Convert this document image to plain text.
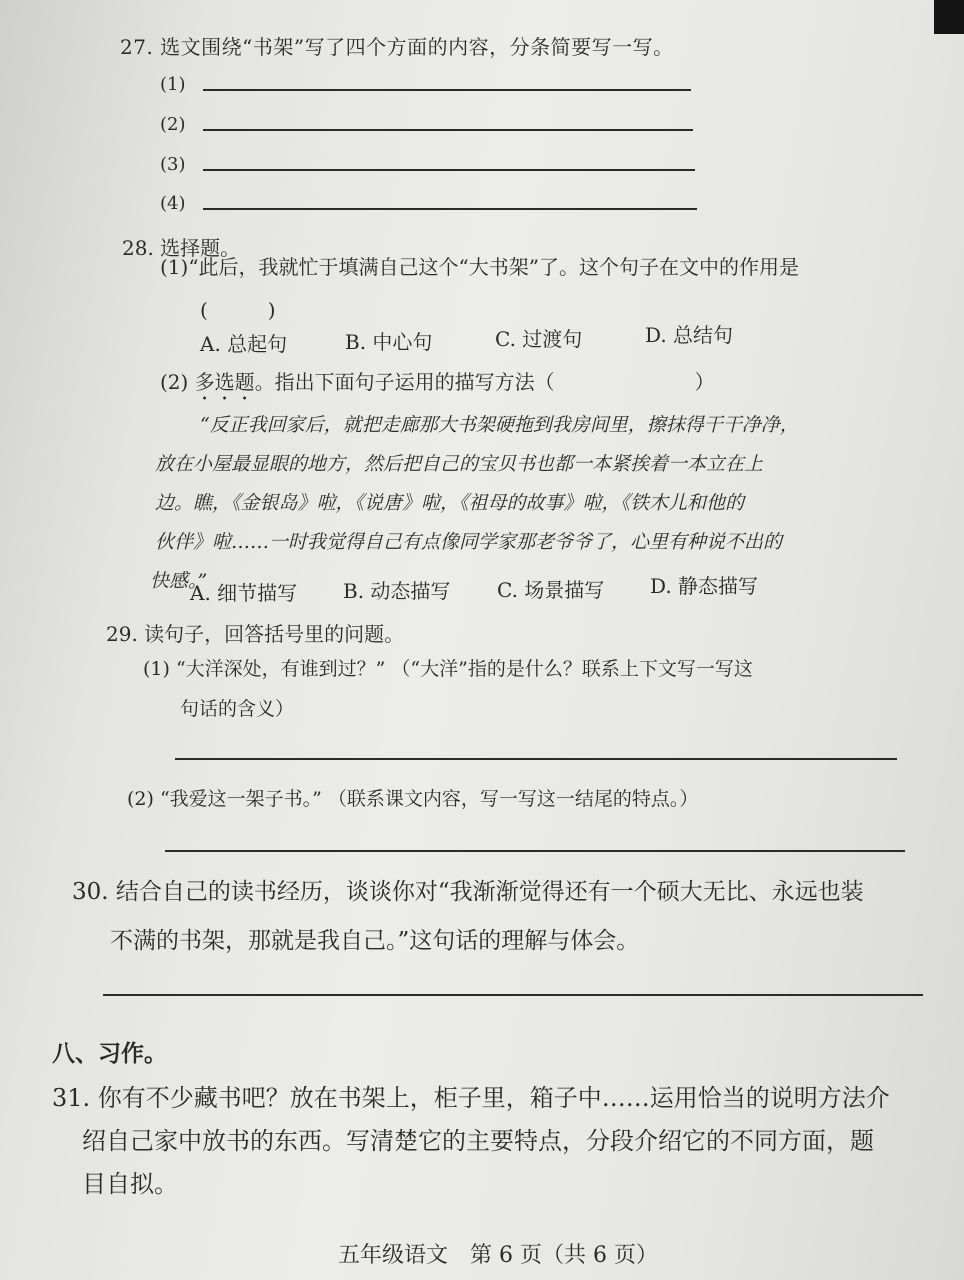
27. 选文围绕“书架”写了四个方面的内容，分条简要写一写。
(1)
(2)
(3)
(4)
28. 选择题。
(1)“此后，我就忙于填满自己这个“大书架”了。这个句子在文中的作用是
(　　　)
A. 总起句	B. 中心句	C. 过渡句	D. 总结句
(2) 多选题。指出下面句子运用的描写方法（　　　　　　　）
“反正我回家后，就把走廊那大书架硬拖到我房间里，擦抹得干干净净，
放在小屋最显眼的地方，然后把自己的宝贝书也都一本紧挨着一本立在上
边。瞧，《金银岛》啦，《说唐》啦，《祖母的故事》啦，《铁木儿和他的
伙伴》啦……一时我觉得自己有点像同学家那老爷爷了，心里有种说不出的
快感。”
A. 细节描写 B. 动态描写 C. 场景描写 D. 静态描写
29. 读句子，回答括号里的问题。
(1) “大洋深处，有谁到过？” （“大洋”指的是什么？联系上下文写一写这
句话的含义）
(2) “我爱这一架子书。” （联系课文内容，写一写这一结尾的特点。）
30. 结合自己的读书经历，谈谈你对“我渐渐觉得还有一个硕大无比、永远也装
不满的书架，那就是我自己。”这句话的理解与体会。
八、习作。
31. 你有不少藏书吧？放在书架上，柜子里，箱子中……运用恰当的说明方法介
绍自己家中放书的东西。写清楚它的主要特点，分段介绍它的不同方面，题
目自拟。
五年级语文　第 6 页（共 6 页）
